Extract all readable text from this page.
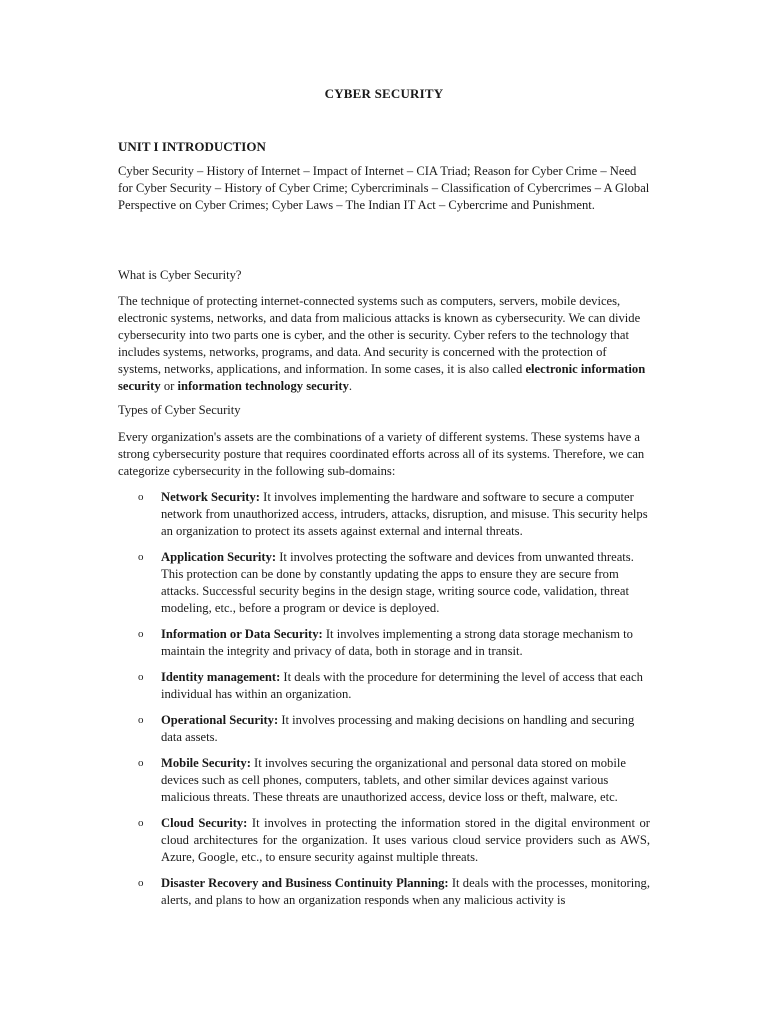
CYBER SECURITY
UNIT I INTRODUCTION
Cyber Security – History of Internet – Impact of Internet – CIA Triad; Reason for Cyber Crime – Need for Cyber Security – History of Cyber Crime; Cybercriminals – Classification of Cybercrimes – A Global Perspective on Cyber Crimes; Cyber Laws – The Indian IT Act – Cybercrime and Punishment.
What is Cyber Security?
The technique of protecting internet-connected systems such as computers, servers, mobile devices, electronic systems, networks, and data from malicious attacks is known as cybersecurity. We can divide cybersecurity into two parts one is cyber, and the other is security. Cyber refers to the technology that includes systems, networks, programs, and data. And security is concerned with the protection of systems, networks, applications, and information. In some cases, it is also called electronic information security or information technology security.
Types of Cyber Security
Every organization's assets are the combinations of a variety of different systems. These systems have a strong cybersecurity posture that requires coordinated efforts across all of its systems. Therefore, we can categorize cybersecurity in the following sub-domains:
o Network Security: It involves implementing the hardware and software to secure a computer network from unauthorized access, intruders, attacks, disruption, and misuse. This security helps an organization to protect its assets against external and internal threats.
o Application Security: It involves protecting the software and devices from unwanted threats. This protection can be done by constantly updating the apps to ensure they are secure from attacks. Successful security begins in the design stage, writing source code, validation, threat modeling, etc., before a program or device is deployed.
o Information or Data Security: It involves implementing a strong data storage mechanism to maintain the integrity and privacy of data, both in storage and in transit.
o Identity management: It deals with the procedure for determining the level of access that each individual has within an organization.
o Operational Security: It involves processing and making decisions on handling and securing data assets.
o Mobile Security: It involves securing the organizational and personal data stored on mobile devices such as cell phones, computers, tablets, and other similar devices against various malicious threats. These threats are unauthorized access, device loss or theft, malware, etc.
o Cloud Security: It involves in protecting the information stored in the digital environment or cloud architectures for the organization. It uses various cloud service providers such as AWS, Azure, Google, etc., to ensure security against multiple threats.
o Disaster Recovery and Business Continuity Planning: It deals with the processes, monitoring, alerts, and plans to how an organization responds when any malicious activity is
